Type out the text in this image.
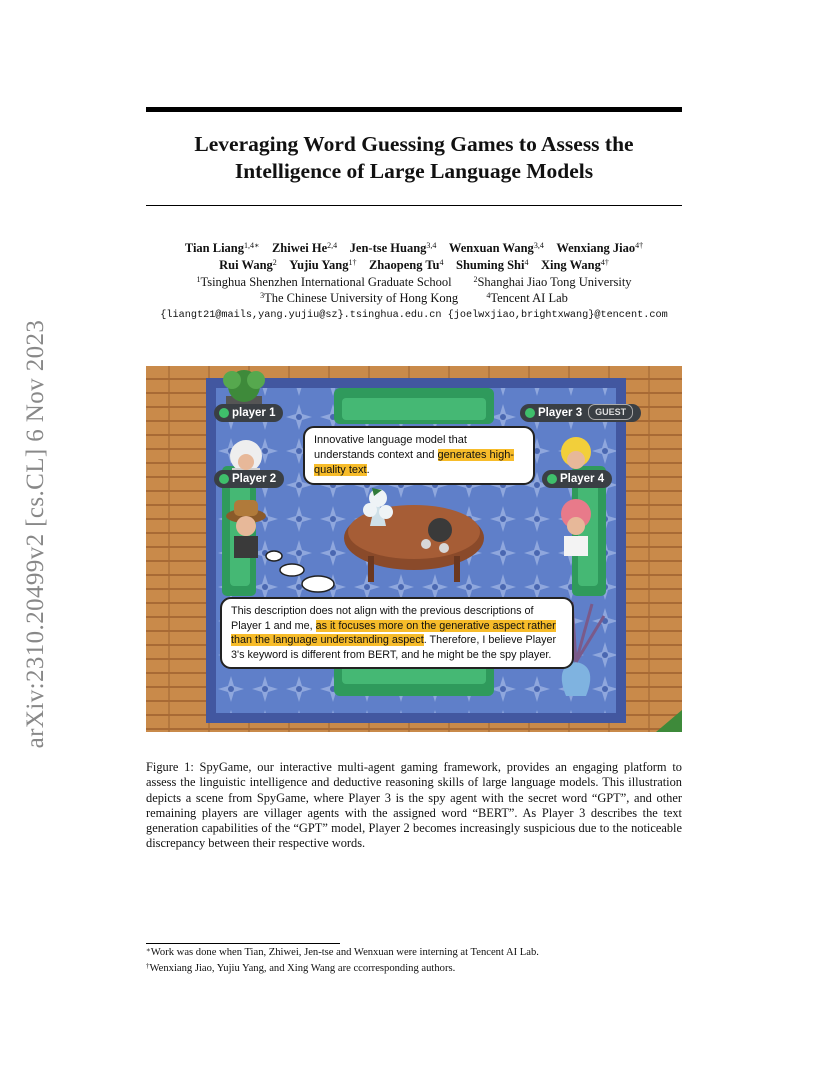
arXiv:2310.20499v2 [cs.CL] 6 Nov 2023
Leveraging Word Guessing Games to Assess the
Intelligence of Large Language Models
Tian Liang$^{1,4∗}$ Zhiwei He$^{2,4}$ Jen-tse Huang$^{3,4}$ Wenxuan Wang$^{3,4}$ Wenxiang Jiao$^{4\dagger}$
Rui Wang$^2$ Yujiu Yang$^{1\dagger}$ Zhaopeng Tu$^4$ Shuming Shi$^4$ Xing Wang$^{4\dagger}$
$^1$Tsinghua Shenzhen International Graduate School	$^2$Shanghai Jiao Tong University
$^3$The Chinese University of Hong Kong	$^4$Tencent AI Lab
{liangt21@mails,yang.yujiu@sz}.tsinghua.edu.cn {joelwxjiao,brightxwang}@tencent.com
player 1
Player 2
Player 3 GUEST
Player 4
Innovative language model that understands context and generates high-quality text.
This description does not align with the previous descriptions of Player 1 and me, as it focuses more on the generative aspect rather than the language understanding aspect. Therefore, I believe Player 3's keyword is different from BERT, and he might be the spy player.
Figure 1: SpyGame, our interactive multi-agent gaming framework, provides an engaging platform to assess the linguistic intelligence and deductive reasoning skills of large language models. This illustration depicts a scene from SpyGame, where Player 3 is the spy agent with the secret word “GPT”, and other remaining players are villager agents with the assigned word “BERT”. As Player 3 describes the text generation capabilities of the “GPT” model, Player 2 becomes increasingly suspicious due to the noticeable discrepancy between their respective words.
∗Work was done when Tian, Zhiwei, Jen-tse and Wenxuan were interning at Tencent AI Lab.
†Wenxiang Jiao, Yujiu Yang, and Xing Wang are ccorresponding authors.
